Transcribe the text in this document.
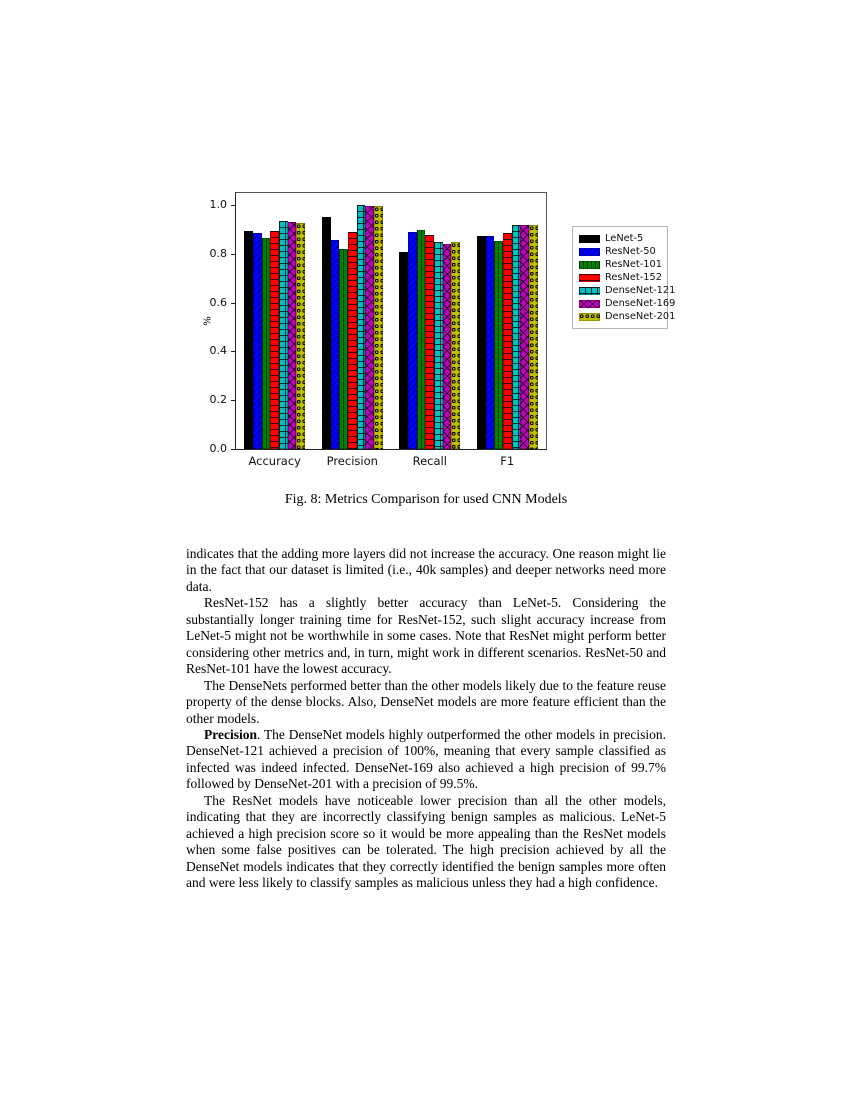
%
Accuracy	Precision	Recall	F1
0.0
0.2
0.4
0.6
0.8
1.0
LeNet-5
ResNet-50
ResNet-101
ResNet-152
DenseNet-121
DenseNet-169
DenseNet-201
Fig. 8: Metrics Comparison for used CNN Models

indicates that the adding more layers did not increase the accuracy. One reason might lie in the fact that our dataset is limited (i.e., 40k samples) and deeper networks need more data.

ResNet-152 has a slightly better accuracy than LeNet-5. Considering the substantially longer training time for ResNet-152, such slight accuracy increase from LeNet-5 might not be worthwhile in some cases. Note that ResNet might perform better considering other metrics and, in turn, might work in different scenarios. ResNet-50 and ResNet-101 have the lowest accuracy.

The DenseNets performed better than the other models likely due to the feature reuse property of the dense blocks. Also, DenseNet models are more feature efficient than the other models.

Precision. The DenseNet models highly outperformed the other models in precision. DenseNet-121 achieved a precision of 100%, meaning that every sample classified as infected was indeed infected. DenseNet-169 also achieved a high precision of 99.7% followed by DenseNet-201 with a precision of 99.5%.

The ResNet models have noticeable lower precision than all the other models, indicating that they are incorrectly classifying benign samples as malicious. LeNet-5 achieved a high precision score so it would be more appealing than the ResNet models when some false positives can be tolerated. The high precision achieved by all the DenseNet models indicates that they correctly identified the benign samples more often and were less likely to classify samples as malicious unless they had a high confidence.
